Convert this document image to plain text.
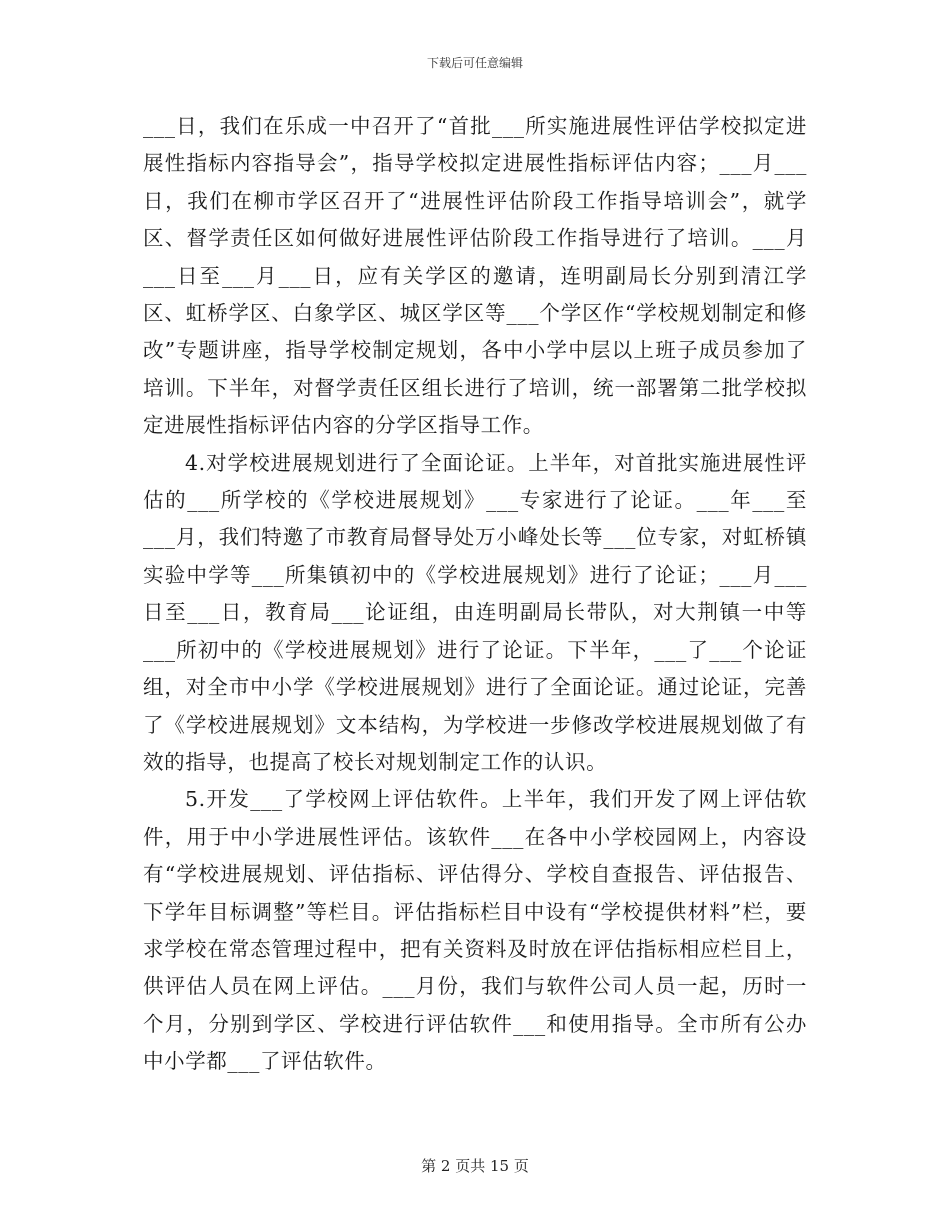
下载后可任意编辑

___日，我们在乐成一中召开了“首批___所实施进展性评估学校拟定进展性指标内容指导会”，指导学校拟定进展性指标评估内容；___月___日，我们在柳市学区召开了“进展性评估阶段工作指导培训会”，就学区、督学责任区如何做好进展性评估阶段工作指导进行了培训。___月___日至___月___日，应有关学区的邀请，连明副局长分别到清江学区、虹桥学区、白象学区、城区学区等___个学区作“学校规划制定和修改”专题讲座，指导学校制定规划，各中小学中层以上班子成员参加了培训。下半年，对督学责任区组长进行了培训，统一部署第二批学校拟定进展性指标评估内容的分学区指导工作。

4.对学校进展规划进行了全面论证。上半年，对首批实施进展性评估的___所学校的《学校进展规划》___专家进行了论证。___年___至___月，我们特邀了市教育局督导处万小峰处长等___位专家，对虹桥镇实验中学等___所集镇初中的《学校进展规划》进行了论证；___月___日至___日，教育局___论证组，由连明副局长带队，对大荆镇一中等___所初中的《学校进展规划》进行了论证。下半年，___了___个论证组，对全市中小学《学校进展规划》进行了全面论证。通过论证，完善了《学校进展规划》文本结构，为学校进一步修改学校进展规划做了有效的指导，也提高了校长对规划制定工作的认识。

5.开发___了学校网上评估软件。上半年，我们开发了网上评估软件，用于中小学进展性评估。该软件___在各中小学校园网上，内容设有“学校进展规划、评估指标、评估得分、学校自查报告、评估报告、下学年目标调整”等栏目。评估指标栏目中设有“学校提供材料”栏，要求学校在常态管理过程中，把有关资料及时放在评估指标相应栏目上，供评估人员在网上评估。___月份，我们与软件公司人员一起，历时一个月，分别到学区、学校进行评估软件___和使用指导。全市所有公办中小学都___了评估软件。

第 2 页共 15 页
